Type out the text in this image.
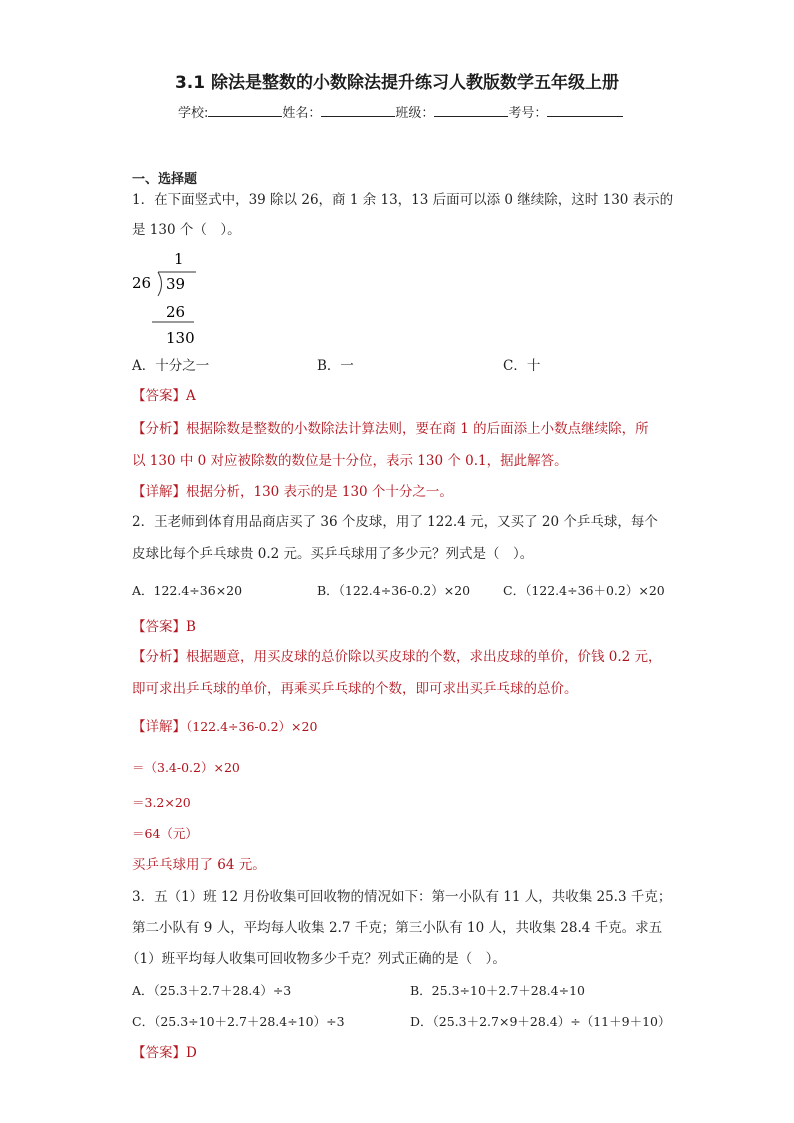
3.1 除法是整数的小数除法提升练习人教版数学五年级上册
学校:	姓名：	班级：	考号：
一、选择题
1．在下面竖式中，39 除以 26，商 1 余 13，13 后面可以添 0 继续除，这时 130 表示的
是 130 个（　）。
1
26 39
26
130
A．十分之一	B．一	C．十
【答案】A
【分析】根据除数是整数的小数除法计算法则，要在商 1 的后面添上小数点继续除，所
以 130 中 0 对应被除数的数位是十分位，表示 130 个 0.1，据此解答。
【详解】根据分析，130 表示的是 130 个十分之一。
2．王老师到体育用品商店买了 36 个皮球，用了 122.4 元，又买了 20 个乒乓球，每个
皮球比每个乒乓球贵 0.2 元。买乒乓球用了多少元？列式是（　）。
A．122.4÷36×20	B．（122.4÷36-0.2）×20	C．（122.4÷36＋0.2）×20
【答案】B
【分析】根据题意，用买皮球的总价除以买皮球的个数，求出皮球的单价，价钱 0.2 元，
即可求出乒乓球的单价，再乘买乒乓球的个数，即可求出买乒乓球的总价。
【详解】（122.4÷36-0.2）×20
＝（3.4-0.2）×20
＝3.2×20
＝64（元）
买乒乓球用了 64 元。
3．五（1）班 12 月份收集可回收物的情况如下：第一小队有 11 人，共收集 25.3 千克；
第二小队有 9 人，平均每人收集 2.7 千克；第三小队有 10 人，共收集 28.4 千克。求五
（1）班平均每人收集可回收物多少千克？列式正确的是（　）。
A．（25.3＋2.7＋28.4）÷3	B．25.3÷10＋2.7＋28.4÷10
C．（25.3÷10＋2.7＋28.4÷10）÷3	D．（25.3＋2.7×9＋28.4）÷（11＋9＋10）
【答案】D
